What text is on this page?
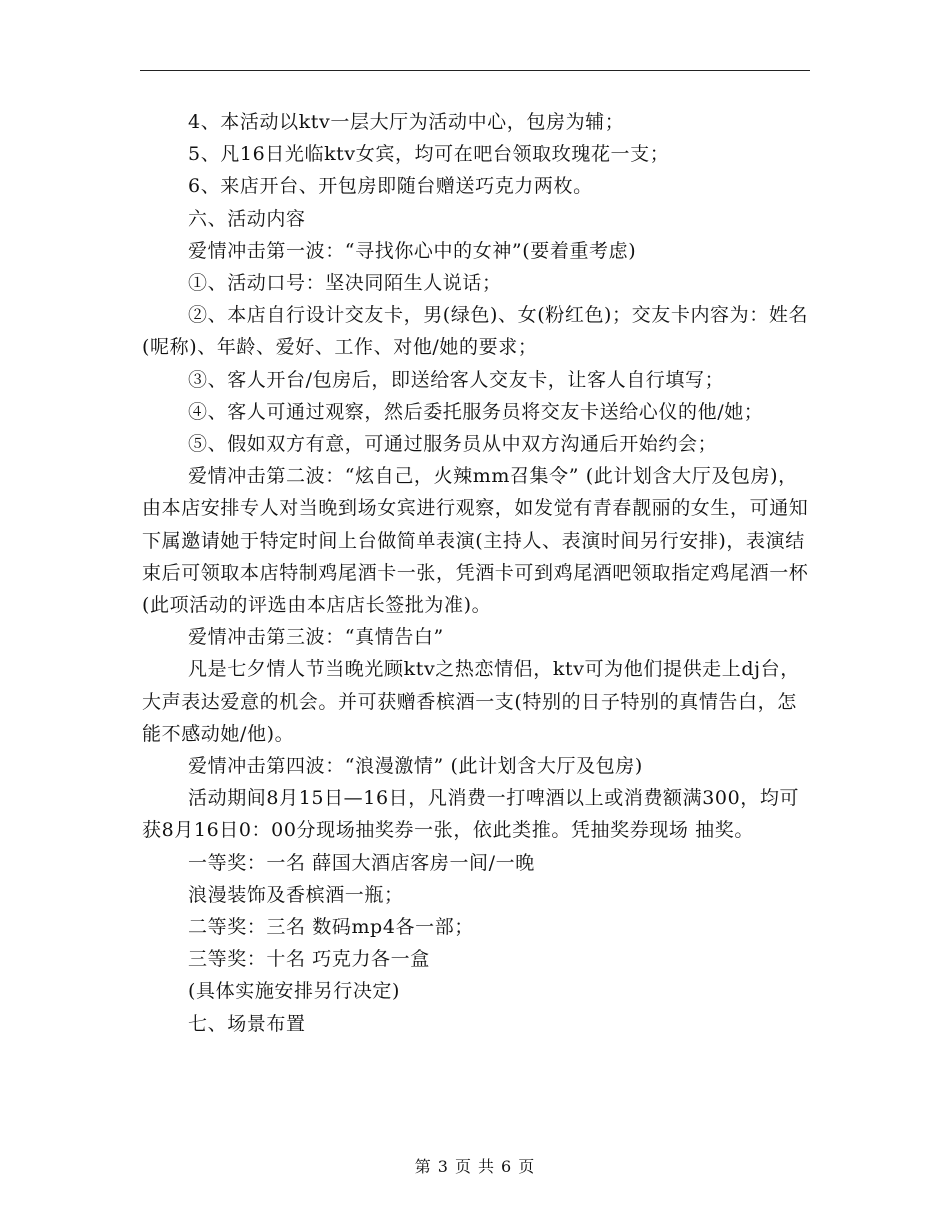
4、本活动以ktv一层大厅为活动中心，包房为辅；

5、凡16日光临ktv女宾，均可在吧台领取玫瑰花一支；

6、来店开台、开包房即随台赠送巧克力两枚。

六、活动内容

爱情冲击第一波：“寻找你心中的女神”(要着重考虑)

①、活动口号：坚决同陌生人说话；

②、本店自行设计交友卡，男(绿色)、女(粉红色)；交友卡内容为：姓名(呢称)、年龄、爱好、工作、对他/她的要求；

③、客人开台/包房后，即送给客人交友卡，让客人自行填写；

④、客人可通过观察，然后委托服务员将交友卡送给心仪的他/她；

⑤、假如双方有意，可通过服务员从中双方沟通后开始约会；

爱情冲击第二波：“炫自己，火辣mm召集令” (此计划含大厅及包房)，由本店安排专人对当晚到场女宾进行观察，如发觉有青春靓丽的女生，可通知下属邀请她于特定时间上台做简单表演(主持人、表演时间另行安排)，表演结束后可领取本店特制鸡尾酒卡一张，凭酒卡可到鸡尾酒吧领取指定鸡尾酒一杯(此项活动的评选由本店店长签批为准)。

爱情冲击第三波：“真情告白”

凡是七夕情人节当晚光顾ktv之热恋情侣，ktv可为他们提供走上dj台，大声表达爱意的机会。并可获赠香槟酒一支(特别的日子特别的真情告白，怎能不感动她/他)。

爱情冲击第四波：“浪漫激情” (此计划含大厅及包房)

活动期间8月15日—16日，凡消费一打啤酒以上或消费额满300，均可获8月16日0：00分现场抽奖券一张，依此类推。凭抽奖券现场 抽奖。

一等奖：一名 薛国大酒店客房一间/一晚

浪漫装饰及香槟酒一瓶；

二等奖：三名 数码mp4各一部；

三等奖：十名 巧克力各一盒

(具体实施安排另行决定)

七、场景布置

第 3 页 共 6 页
